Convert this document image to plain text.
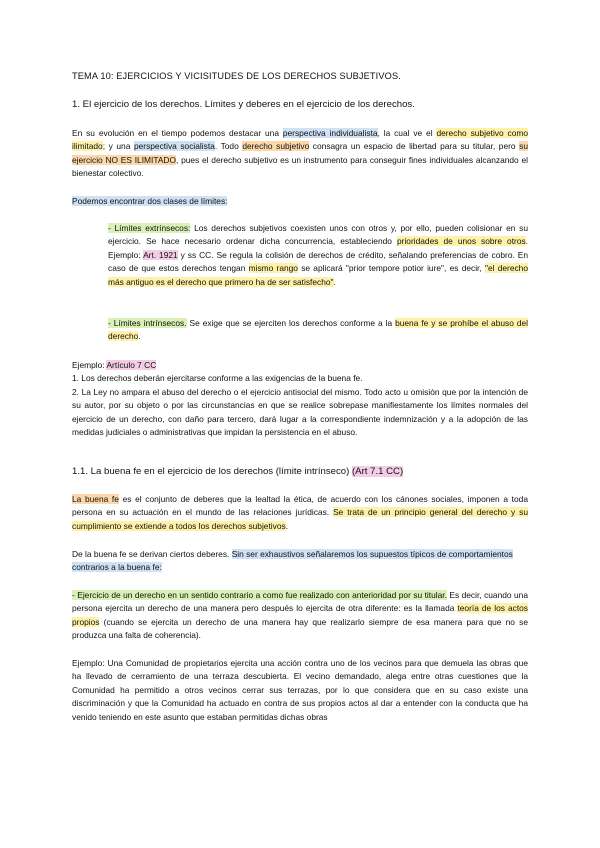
TEMA 10: EJERCICIOS Y VICISITUDES DE LOS DERECHOS SUBJETIVOS.
1. El ejercicio de los derechos. Límites y deberes en el ejercicio de los derechos.
En su evolución en el tiempo podemos destacar una perspectiva individualista, la cual ve el derecho subjetivo como ilimitado; y una perspectiva socialista. Todo derecho subjetivo consagra un espacio de libertad para su titular, pero su ejercicio NO ES ILIMITADO, pues el derecho subjetivo es un instrumento para conseguir fines individuales alcanzando el bienestar colectivo.
Podemos encontrar dos clases de límites:
- Límites extrínsecos: Los derechos subjetivos coexisten unos con otros y, por ello, pueden colisionar en su ejercicio. Se hace necesario ordenar dicha concurrencia, estableciendo prioridades de unos sobre otros. Ejemplo: Art. 1921 y ss CC. Se regula la colisión de derechos de crédito, señalando preferencias de cobro. En caso de que estos derechos tengan mismo rango se aplicará "prior tempore potior iure", es decir, "el derecho más antiguo es el derecho que primero ha de ser satisfecho".
- Límites intrínsecos. Se exige que se ejerciten los derechos conforme a la buena fe y se prohíbe el abuso del derecho.
Ejemplo: Artículo 7 CC
1. Los derechos deberán ejercitarse conforme a las exigencias de la buena fe.
2. La Ley no ampara el abuso del derecho o el ejercicio antisocial del mismo. Todo acto u omisión que por la intención de su autor, por su objeto o por las circunstancias en que se realice sobrepase manifiestamente los límites normales del ejercicio de un derecho, con daño para tercero, dará lugar a la correspondiente indemnización y a la adopción de las medidas judiciales o administrativas que impidan la persistencia en el abuso.
1.1. La buena fe en el ejercicio de los derechos (límite intrínseco) (Art 7.1 CC)
La buena fe es el conjunto de deberes que la lealtad la ética, de acuerdo con los cánones sociales, imponen a toda persona en su actuación en el mundo de las relaciones jurídicas. Se trata de un principio general del derecho y su cumplimiento se extiende a todos los derechos subjetivos.
De la buena fe se derivan ciertos deberes. Sin ser exhaustivos señalaremos los supuestos típicos de comportamientos contrarios a la buena fe:
- Ejercicio de un derecho en un sentido contrario a como fue realizado con anterioridad por su titular. Es decir, cuando una persona ejercita un derecho de una manera pero después lo ejercita de otra diferente: es la llamada teoría de los actos propios (cuando se ejercita un derecho de una manera hay que realizarlo siempre de esa manera para que no se produzca una falta de coherencia).
Ejemplo: Una Comunidad de propietarios ejercita una acción contra uno de los vecinos para que demuela las obras que ha llevado de cerramiento de una terraza descubierta. El vecino demandado, alega entre otras cuestiones que la Comunidad ha permitido a otros vecinos cerrar sus terrazas, por lo que considera que en su caso existe una discriminación y que la Comunidad ha actuado en contra de sus propios actos al dar a entender con la conducta que ha venido teniendo en este asunto que estaban permitidas dichas obras
